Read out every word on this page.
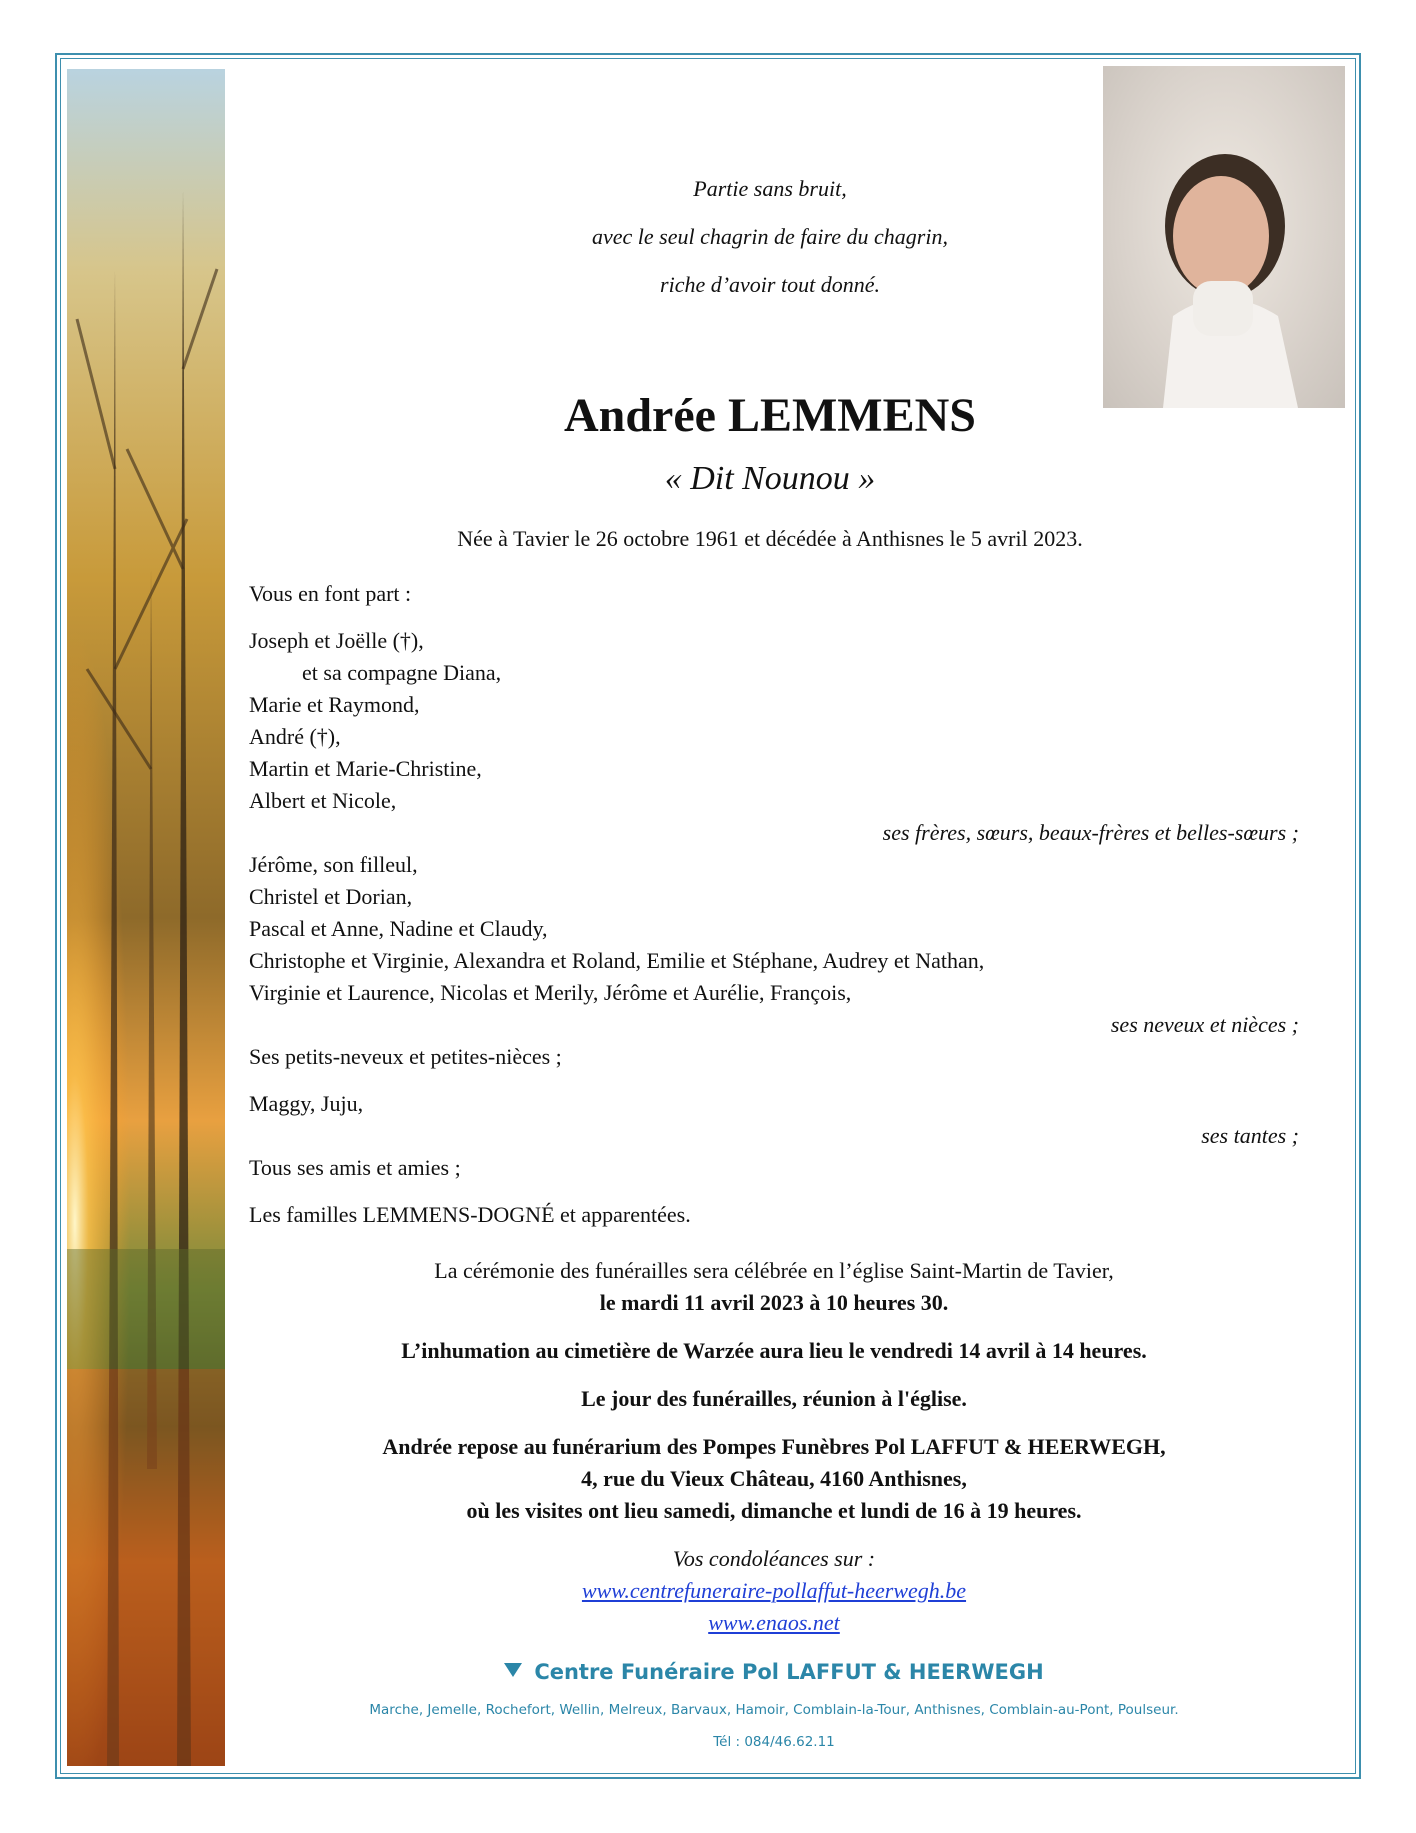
Partie sans bruit,
avec le seul chagrin de faire du chagrin,
riche d’avoir tout donné.
Andrée LEMMENS
« Dit Nounou »
Née à Tavier le 26 octobre 1961 et décédée à Anthisnes le 5 avril 2023.
Vous en font part :
Joseph et Joëlle (†),
et sa compagne Diana,
Marie et Raymond,
André (†),
Martin et Marie-Christine,
Albert et Nicole,
ses frères, sœurs, beaux-frères et belles-sœurs ;
Jérôme, son filleul,
Christel et Dorian,
Pascal et Anne, Nadine et Claudy,
Christophe et Virginie, Alexandra et Roland, Emilie et Stéphane, Audrey et Nathan,
Virginie et Laurence, Nicolas et Merily, Jérôme et Aurélie, François,
ses neveux et nièces ;
Ses petits-neveux et petites-nièces ;
Maggy, Juju,
ses tantes ;
Tous ses amis et amies ;
Les familles LEMMENS-DOGNÉ et apparentées.
La cérémonie des funérailles sera célébrée en l’église Saint-Martin de Tavier,
le mardi 11 avril 2023 à 10 heures 30.
L’inhumation au cimetière de Warzée aura lieu le vendredi 14 avril à 14 heures.
Le jour des funérailles, réunion à l'église.
Andrée repose au funérarium des Pompes Funèbres Pol LAFFUT & HEERWEGH,
4, rue du Vieux Château, 4160 Anthisnes,
où les visites ont lieu samedi, dimanche et lundi de 16 à 19 heures.
Vos condoléances sur :
www.centrefuneraire-pollaffut-heerwegh.be
www.enaos.net
Centre Funéraire Pol LAFFUT & HEERWEGH
Marche, Jemelle, Rochefort, Wellin, Melreux, Barvaux, Hamoir, Comblain-la-Tour, Anthisnes, Comblain-au-Pont, Poulseur.
Tél : 084/46.62.11
